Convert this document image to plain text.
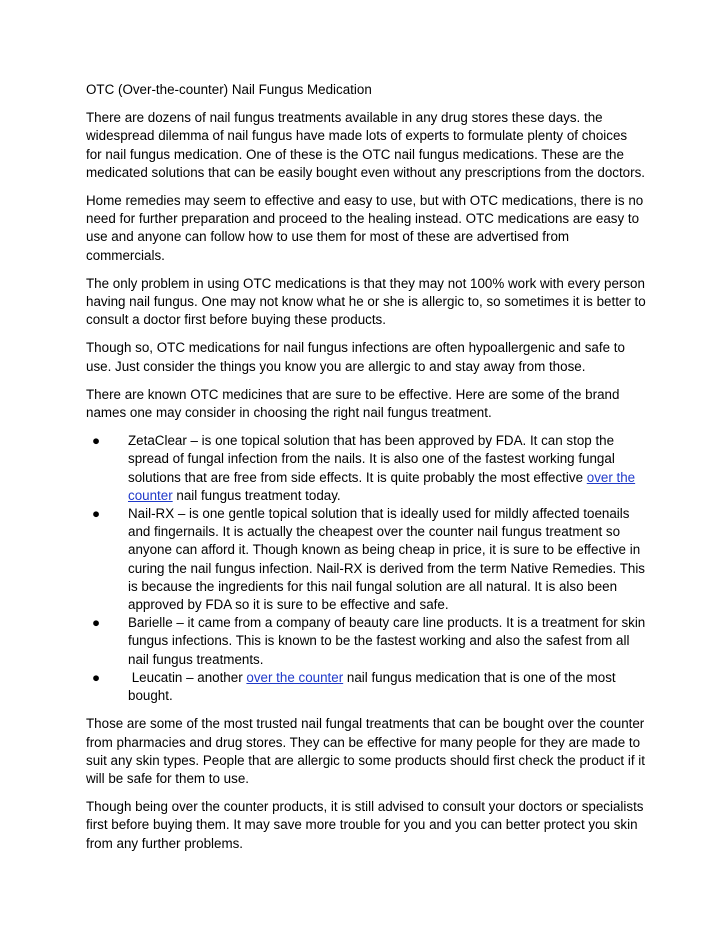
OTC (Over-the-counter) Nail Fungus Medication

There are dozens of nail fungus treatments available in any drug stores these days. the widespread dilemma of nail fungus have made lots of experts to formulate plenty of choices for nail fungus medication. One of these is the OTC nail fungus medications. These are the medicated solutions that can be easily bought even without any prescriptions from the doctors.

Home remedies may seem to effective and easy to use, but with OTC medications, there is no need for further preparation and proceed to the healing instead. OTC medications are easy to use and anyone can follow how to use them for most of these are advertised from commercials.

The only problem in using OTC medications is that they may not 100% work with every person having nail fungus. One may not know what he or she is allergic to, so sometimes it is better to consult a doctor first before buying these products.

Though so, OTC medications for nail fungus infections are often hypoallergenic and safe to use. Just consider the things you know you are allergic to and stay away from those.

There are known OTC medicines that are sure to be effective. Here are some of the brand names one may consider in choosing the right nail fungus treatment.

● ZetaClear – is one topical solution that has been approved by FDA. It can stop the spread of fungal infection from the nails. It is also one of the fastest working fungal solutions that are free from side effects. It is quite probably the most effective over the counter nail fungus treatment today.
● Nail-RX – is one gentle topical solution that is ideally used for mildly affected toenails and fingernails. It is actually the cheapest over the counter nail fungus treatment so anyone can afford it. Though known as being cheap in price, it is sure to be effective in curing the nail fungus infection. Nail-RX is derived from the term Native Remedies. This is because the ingredients for this nail fungal solution are all natural. It is also been approved by FDA so it is sure to be effective and safe.
● Barielle – it came from a company of beauty care line products. It is a treatment for skin fungus infections. This is known to be the fastest working and also the safest from all nail fungus treatments.
● Leucatin – another over the counter nail fungus medication that is one of the most bought.

Those are some of the most trusted nail fungal treatments that can be bought over the counter from pharmacies and drug stores. They can be effective for many people for they are made to suit any skin types. People that are allergic to some products should first check the product if it will be safe for them to use.

Though being over the counter products, it is still advised to consult your doctors or specialists first before buying them. It may save more trouble for you and you can better protect you skin from any further problems.
